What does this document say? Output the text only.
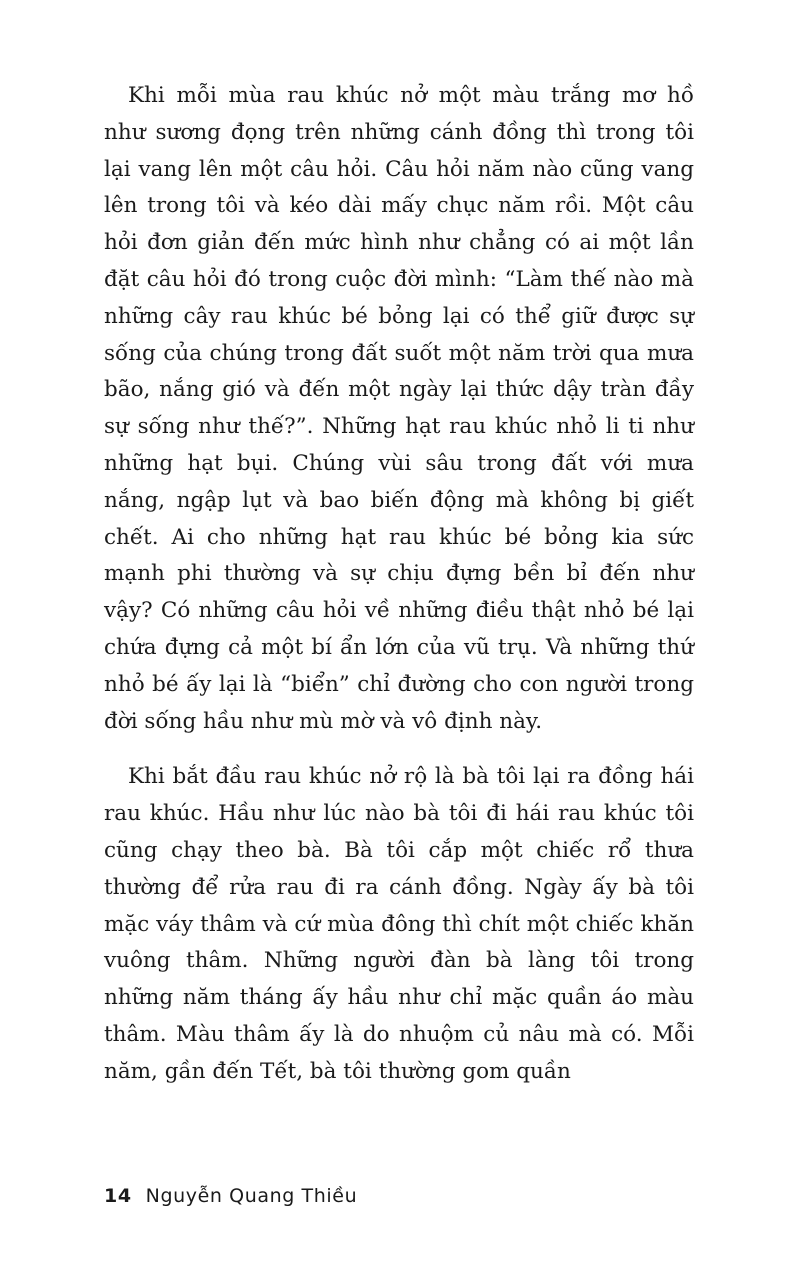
Khi mỗi mùa rau khúc nở một màu trắng mơ hồ như sương đọng trên những cánh đồng thì trong tôi lại vang lên một câu hỏi. Câu hỏi năm nào cũng vang lên trong tôi và kéo dài mấy chục năm rồi. Một câu hỏi đơn giản đến mức hình như chẳng có ai một lần đặt câu hỏi đó trong cuộc đời mình: “Làm thế nào mà những cây rau khúc bé bỏng lại có thể giữ được sự sống của chúng trong đất suốt một năm trời qua mưa bão, nắng gió và đến một ngày lại thức dậy tràn đầy sự sống như thế?”. Những hạt rau khúc nhỏ li ti như những hạt bụi. Chúng vùi sâu trong đất với mưa nắng, ngập lụt và bao biến động mà không bị giết chết. Ai cho những hạt rau khúc bé bỏng kia sức mạnh phi thường và sự chịu đựng bền bỉ đến như vậy? Có những câu hỏi về những điều thật nhỏ bé lại chứa đựng cả một bí ẩn lớn của vũ trụ. Và những thứ nhỏ bé ấy lại là “biển” chỉ đường cho con người trong đời sống hầu như mù mờ và vô định này.

Khi bắt đầu rau khúc nở rộ là bà tôi lại ra đồng hái rau khúc. Hầu như lúc nào bà tôi đi hái rau khúc tôi cũng chạy theo bà. Bà tôi cắp một chiếc rổ thưa thường để rửa rau đi ra cánh đồng. Ngày ấy bà tôi mặc váy thâm và cứ mùa đông thì chít một chiếc khăn vuông thâm. Những người đàn bà làng tôi trong những năm tháng ấy hầu như chỉ mặc quần áo màu thâm. Màu thâm ấy là do nhuộm củ nâu mà có. Mỗi năm, gần đến Tết, bà tôi thường gom quần

14 Nguyễn Quang Thiều
